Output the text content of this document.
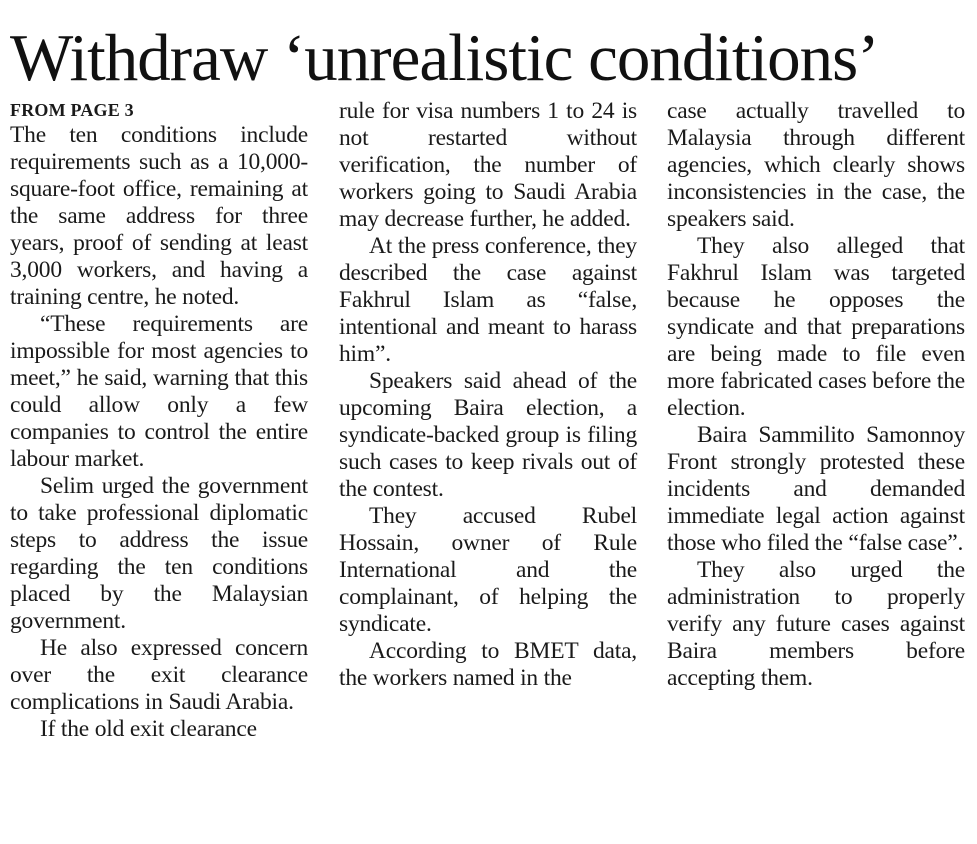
Withdraw ‘unrealistic conditions’

FROM PAGE 3

The ten conditions include requirements such as a 10,000-square-foot office, remaining at the same address for three years, proof of sending at least 3,000 workers, and having a training centre, he noted.

“These requirements are impossible for most agencies to meet,” he said, warning that this could allow only a few companies to control the entire labour market.

Selim urged the government to take professional diplomatic steps to address the issue regarding the ten conditions placed by the Malaysian government.

He also expressed concern over the exit clearance complications in Saudi Arabia.

If the old exit clearance

rule for visa numbers 1 to 24 is not restarted without verification, the number of workers going to Saudi Arabia may decrease further, he added.

At the press conference, they described the case against Fakhrul Islam as “false, intentional and meant to harass him”.

Speakers said ahead of the upcoming Baira election, a syndicate-backed group is filing such cases to keep rivals out of the contest.

They accused Rubel Hossain, owner of Rule International and the complainant, of helping the syndicate.

According to BMET data, the workers named in the

case actually travelled to Malaysia through different agencies, which clearly shows inconsistencies in the case, the speakers said.

They also alleged that Fakhrul Islam was targeted because he opposes the syndicate and that preparations are being made to file even more fabricated cases before the election.

Baira Sammilito Samonnoy Front strongly protested these incidents and demanded immediate legal action against those who filed the “false case”.

They also urged the administration to properly verify any future cases against Baira members before accepting them.
